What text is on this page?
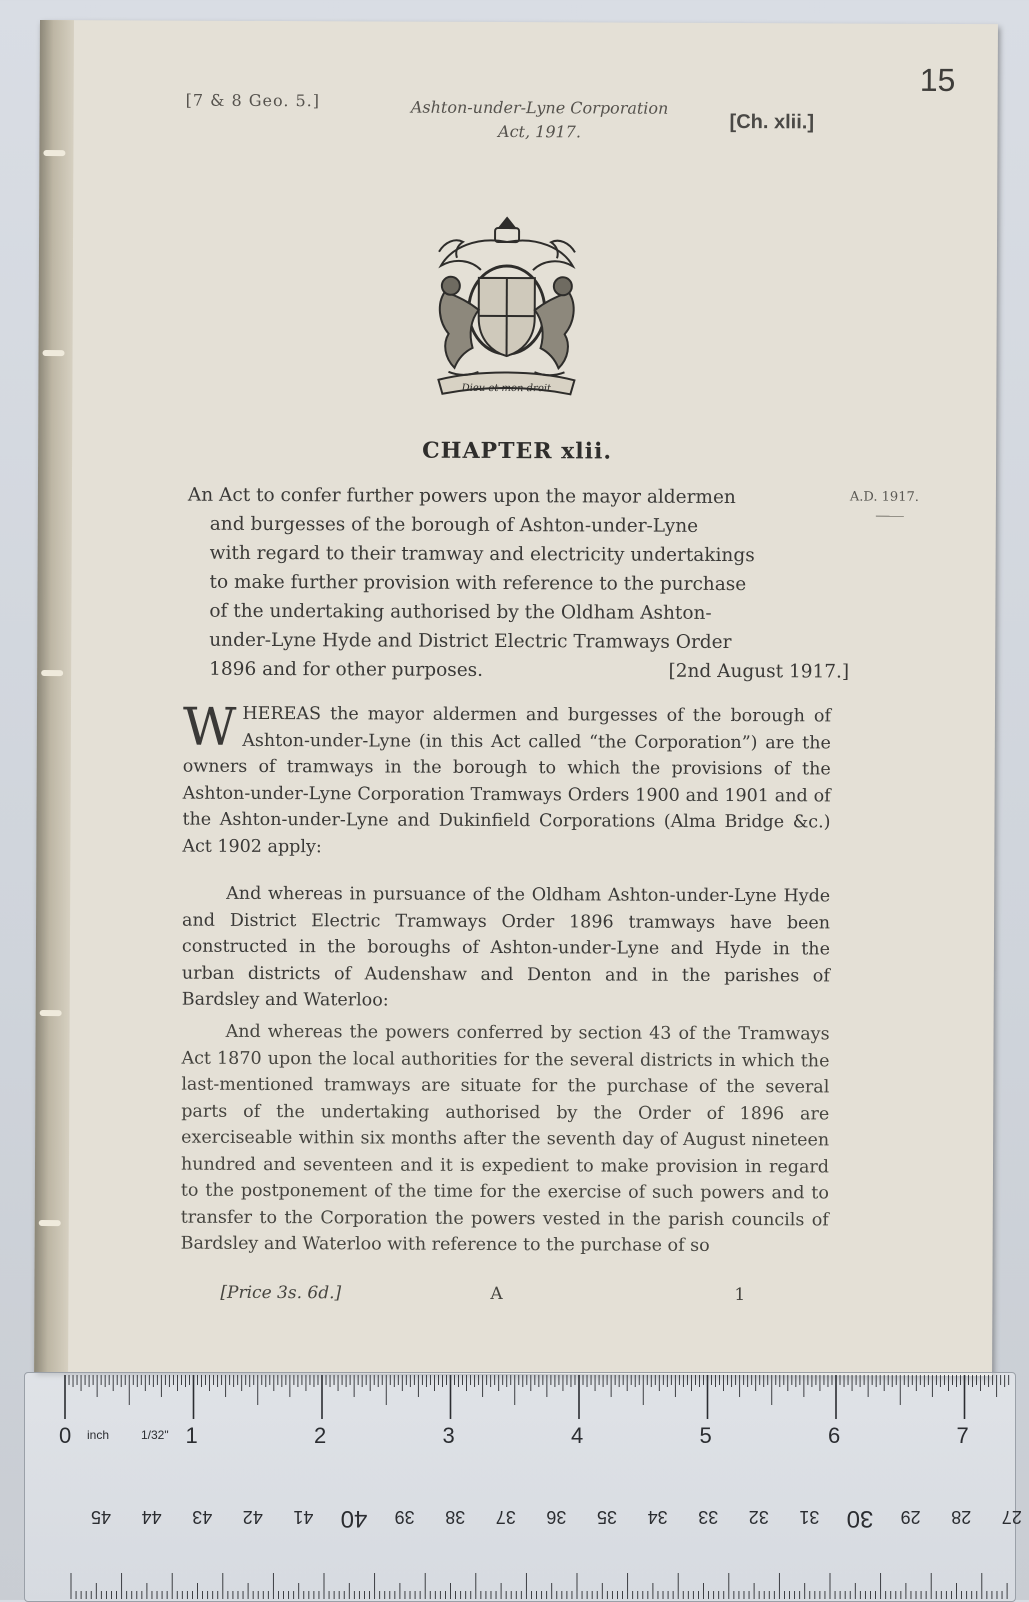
15
[7 & 8 Geo. 5.]	Ashton-under-Lyne Corporation
Act, 1917.	[Ch. xlii.]
Dieu et mon droit
CHAPTER xlii.
An Act to confer further powers upon the mayor aldermen
and burgesses of the borough of Ashton-under-Lyne
with regard to their tramway and electricity undertakings
to make further provision with reference to the purchase
of the undertaking authorised by the Oldham Ashton-
under-Lyne Hyde and District Electric Tramways Order
1896 and for other purposes.	[2nd August 1917.]
A.D. 1917.
WHEREAS the mayor aldermen and burgesses of the borough of Ashton-under-Lyne (in this Act called “the Corporation”) are the owners of tramways in the borough to which the provisions of the Ashton-under-Lyne Corporation Tramways Orders 1900 and 1901 and of the Ashton-under-Lyne and Dukinfield Corporations (Alma Bridge &c.) Act 1902 apply:
And whereas in pursuance of the Oldham Ashton-under-Lyne Hyde and District Electric Tramways Order 1896 tramways have been constructed in the boroughs of Ashton-under-Lyne and Hyde in the urban districts of Audenshaw and Denton and in the parishes of Bardsley and Waterloo:
And whereas the powers conferred by section 43 of the Tramways Act 1870 upon the local authorities for the several districts in which the last-mentioned tramways are situate for the purchase of the several parts of the undertaking authorised by the Order of 1896 are exerciseable within six months after the seventh day of August nineteen hundred and seventeen and it is expedient to make provision in regard to the postponement of the time for the exercise of such powers and to transfer to the Corporation the powers vested in the parish councils of Bardsley and Waterloo with reference to the purchase of so
[Price 3s. 6d.]	A	1
0	1	2	3	4	5	6	7
inch	1/32"
45 44 43 42 41 40 39 38 37 36 35 34 33 32 31 30 29 28 27
